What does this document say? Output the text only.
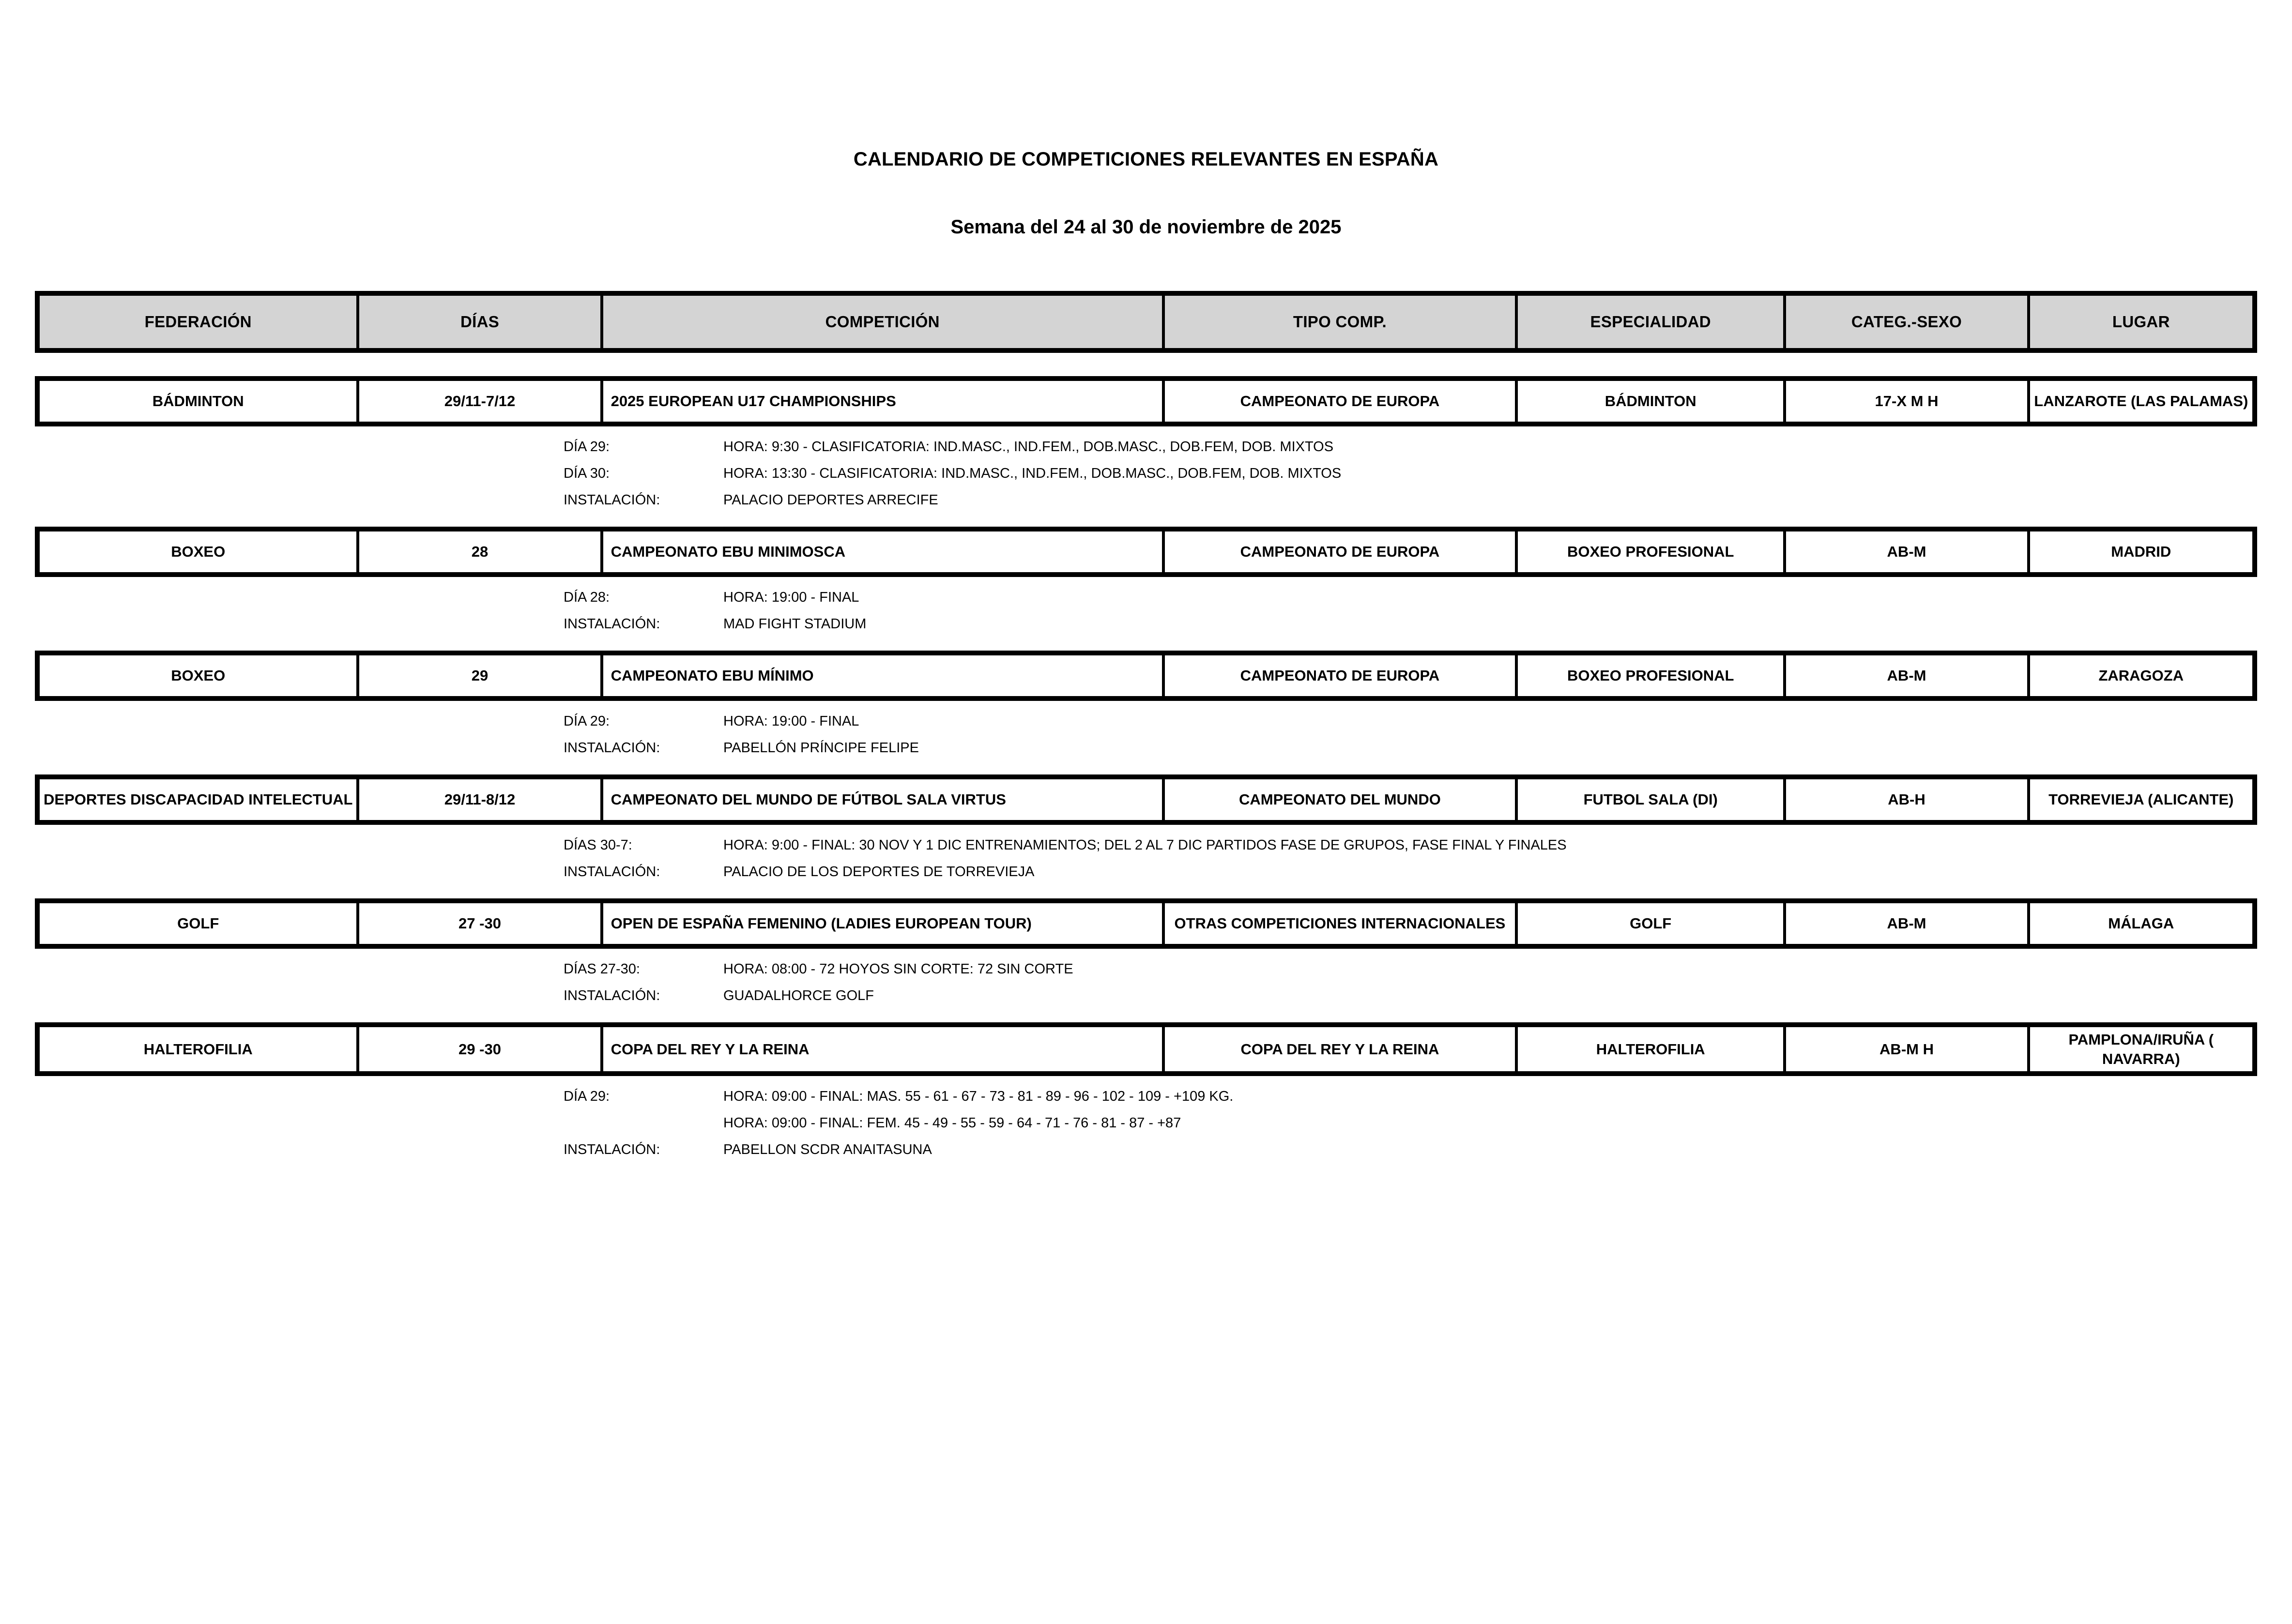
CALENDARIO DE COMPETICIONES RELEVANTES EN ESPAÑA
Semana del 24 al 30 de noviembre de 2025
FEDERACIÓN	DÍAS	COMPETICIÓN	TIPO COMP.	ESPECIALIDAD	CATEG.-SEXO	LUGAR

BÁDMINTON	29/11-7/12	2025 EUROPEAN U17 CHAMPIONSHIPS	CAMPEONATO DE EUROPA	BÁDMINTON	17-X M H	LANZAROTE (LAS PALAMAS)

DÍA 29:	HORA: 9:30 - CLASIFICATORIA: IND.MASC., IND.FEM., DOB.MASC., DOB.FEM, DOB. MIXTOS
DÍA 30:	HORA: 13:30 - CLASIFICATORIA: IND.MASC., IND.FEM., DOB.MASC., DOB.FEM, DOB. MIXTOS
INSTALACIÓN:	PALACIO DEPORTES ARRECIFE

BOXEO	28	CAMPEONATO EBU MINIMOSCA	CAMPEONATO DE EUROPA	BOXEO PROFESIONAL	AB-M	MADRID

DÍA 28: HORA: 19:00 - FINAL
INSTALACIÓN: MAD FIGHT STADIUM						

BOXEO	29	CAMPEONATO EBU MÍNIMO	CAMPEONATO DE EUROPA	BOXEO PROFESIONAL	AB-M	ZARAGOZA

DÍA 29: HORA: 19:00 - FINAL
INSTALACIÓN: PABELLÓN PRÍNCIPE FELIPE						

DEPORTES DISCAPACIDAD INTELECTUAL	29/11-8/12	CAMPEONATO DEL MUNDO DE FÚTBOL SALA VIRTUS	CAMPEONATO DEL MUNDO	FUTBOL SALA (DI)	AB-H	TORREVIEJA (ALICANTE)

DÍAS 30-7: HORA: 9:00 - FINAL: 30 NOV Y 1 DIC ENTRENAMIENTOS; DEL 2 AL 7 DIC PARTIDOS FASE DE GRUPOS, FASE FINAL Y FINALES
INSTALACIÓN: PALACIO DE LOS DEPORTES DE TORREVIEJA						

GOLF	27 -30	OPEN DE ESPAÑA FEMENINO (LADIES EUROPEAN TOUR)	OTRAS COMPETICIONES INTERNACIONALES	GOLF	AB-M	MÁLAGA

DÍAS 27-30: HORA: 08:00 - 72 HOYOS SIN CORTE: 72 SIN CORTE
INSTALACIÓN: GUADALHORCE GOLF						

HALTEROFILIA	29 -30	COPA DEL REY Y LA REINA	COPA DEL REY Y LA REINA	HALTEROFILIA	AB-M H	PAMPLONA/IRUÑA ( NAVARRA)

DÍA 29: HORA: 09:00 - FINAL: MAS. 55 - 61 - 67 - 73 - 81 - 89 - 96 - 102 - 109 - +109 KG.
HORA: 09:00 - FINAL: FEM. 45 - 49 - 55 - 59 - 64 - 71 - 76 - 81 - 87 - +87
INSTALACIÓN: PABELLON SCDR ANAITASUNA						
